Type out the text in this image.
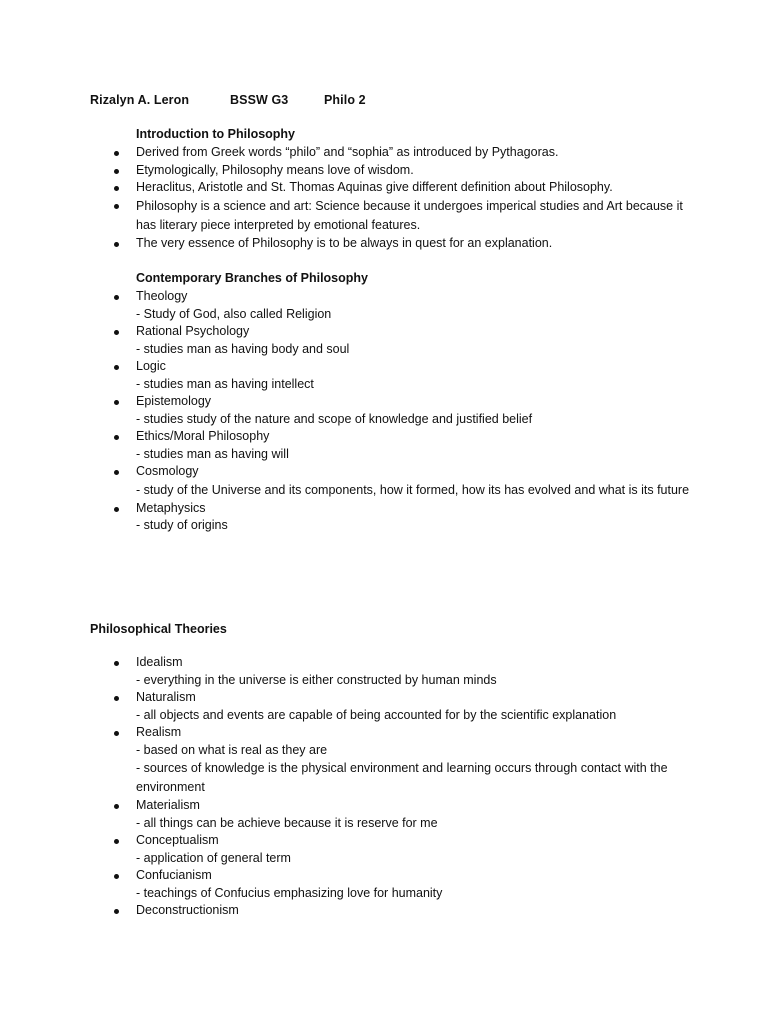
Rizalyn A. Leron	BSSW G3	Philo 2
Introduction to Philosophy
Derived from Greek words “philo” and “sophia” as introduced by Pythagoras.
Etymologically, Philosophy means love of wisdom.
Heraclitus, Aristotle and St. Thomas Aquinas give different definition about Philosophy.
Philosophy is a science and art: Science because it undergoes imperical studies and Art because it has literary piece interpreted by emotional features.
The very essence of Philosophy is to be always in quest for an explanation.
Contemporary Branches of Philosophy
Theology
- Study of God, also called Religion
Rational Psychology
- studies man as having body and soul
Logic
- studies man as having intellect
Epistemology
- studies study of the nature and scope of knowledge and justified belief
Ethics/Moral Philosophy
- studies man as having will
Cosmology
- study of the Universe and its components, how it formed, how its has evolved and what is its future
Metaphysics
- study of origins
Philosophical Theories
Idealism
- everything in the universe is either constructed by human minds
Naturalism
- all objects and events are capable of being accounted for by the scientific explanation
Realism
- based on what is real as they are
- sources of knowledge is the physical environment and learning occurs through contact with the environment
Materialism
- all things can be achieve because it is reserve for me
Conceptualism
- application of general term
Confucianism
- teachings of Confucius emphasizing love for humanity
Deconstructionism
